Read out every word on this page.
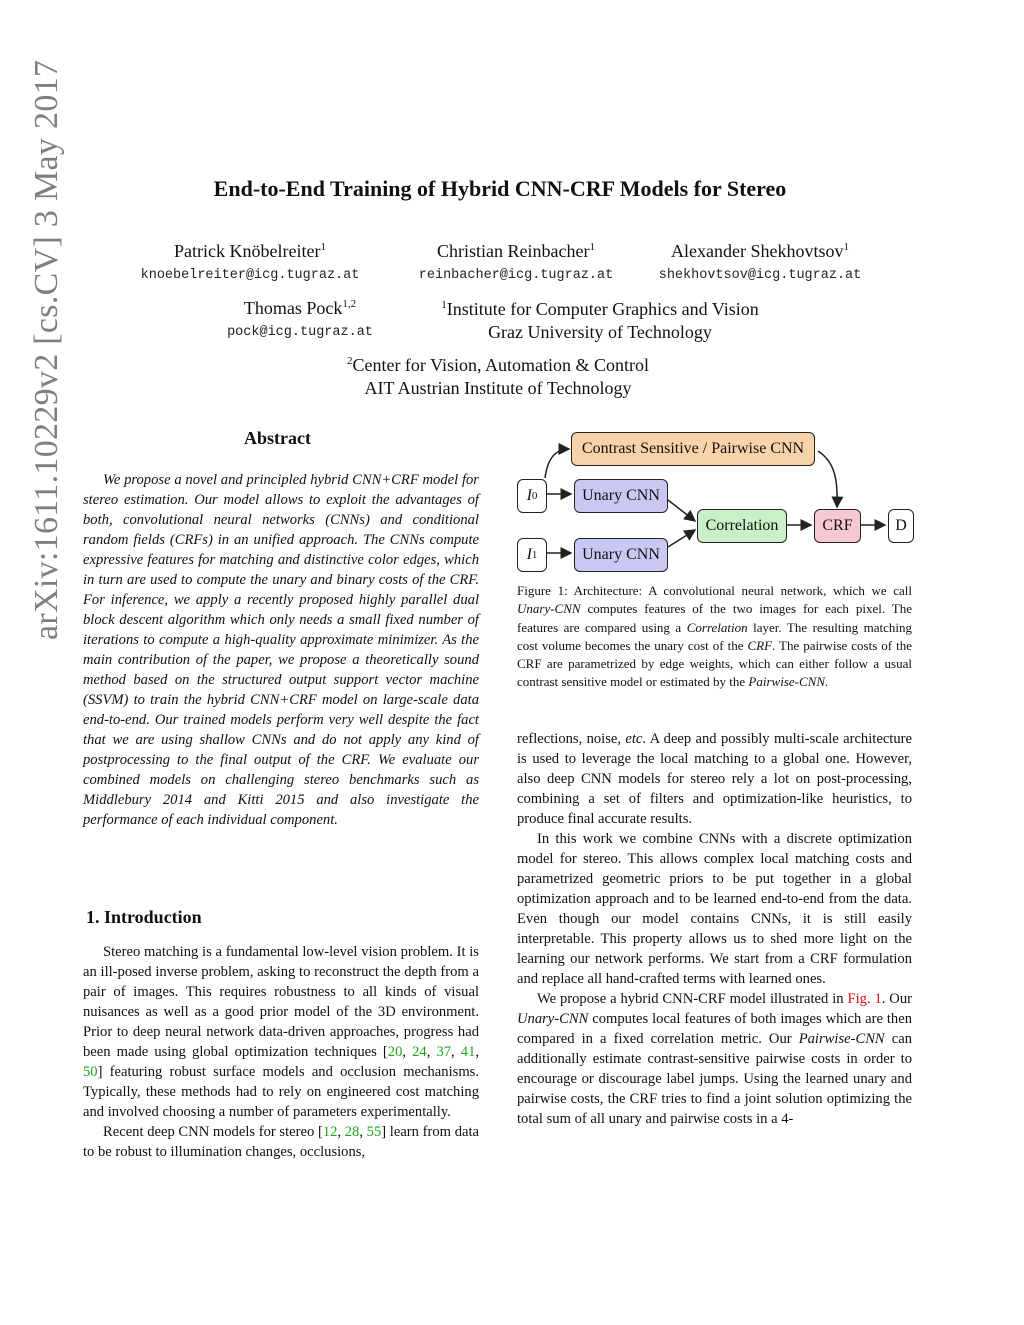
arXiv:1611.10229v2 [cs.CV] 3 May 2017	End-to-End Training of Hybrid CNN-CRF Models for Stereo
Patrick Knöbelreiter$^1$
knoebelreiter@icg.tugraz.at
Christian Reinbacher$^1$
reinbacher@icg.tugraz.at
Alexander Shekhovtsov$^1$
shekhovtsov@icg.tugraz.at
Thomas Pock$^{1,2}$
pock@icg.tugraz.at
$^1$Institute for Computer Graphics and Vision
Graz University of Technology
$^2$Center for Vision, Automation & Control
AIT Austrian Institute of Technology
Abstract

We propose a novel and principled hybrid CNN+CRF model for stereo estimation. Our model allows to exploit the advantages of both, convolutional neural networks (CNNs) and conditional random fields (CRFs) in an unified approach. The CNNs compute expressive features for matching and distinctive color edges, which in turn are used to compute the unary and binary costs of the CRF. For inference, we apply a recently proposed highly parallel dual block descent algorithm which only needs a small fixed number of iterations to compute a high-quality approximate minimizer. As the main contribution of the paper, we propose a theoretically sound method based on the structured output support vector machine (SSVM) to train the hybrid CNN+CRF model on large-scale data end-to-end. Our trained models perform very well despite the fact that we are using shallow CNNs and do not apply any kind of postprocessing to the final output of the CRF. We evaluate our combined models on challenging stereo benchmarks such as Middlebury 2014 and Kitti 2015 and also investigate the performance of each individual component.

1. Introduction

Stereo matching is a fundamental low-level vision problem. It is an ill-posed inverse problem, asking to reconstruct the depth from a pair of images. This requires robustness to all kinds of visual nuisances as well as a good prior model of the 3D environment. Prior to deep neural network data-driven approaches, progress had been made using global optimization techniques [20, 24, 37, 41, 50] featuring robust surface models and occlusion mechanisms. Typically, these methods had to rely on engineered cost matching and involved choosing a number of parameters experimentally.

Recent deep CNN models for stereo [12, 28, 55] learn from data to be robust to illumination changes, occlusions,

Contrast Sensitive / Pairwise CNN
I 0
I 1
Unary CNN
Unary CNN
Correlation	CRF	D
Figure 1: Architecture: A convolutional neural network, which we call Unary-CNN computes features of the two images for each pixel. The features are compared using a Correlation layer. The resulting matching cost volume becomes the unary cost of the CRF. The pairwise costs of the CRF are parametrized by edge weights, which can either follow a usual contrast sensitive model or estimated by the Pairwise-CNN.

reflections, noise, etc. A deep and possibly multi-scale architecture is used to leverage the local matching to a global one. However, also deep CNN models for stereo rely a lot on post-processing, combining a set of filters and optimization-like heuristics, to produce final accurate results.

In this work we combine CNNs with a discrete optimization model for stereo. This allows complex local matching costs and parametrized geometric priors to be put together in a global optimization approach and to be learned end-to-end from the data. Even though our model contains CNNs, it is still easily interpretable. This property allows us to shed more light on the learning our network performs. We start from a CRF formulation and replace all hand-crafted terms with learned ones.

We propose a hybrid CNN-CRF model illustrated in Fig. 1. Our Unary-CNN computes local features of both images which are then compared in a fixed correlation metric. Our Pairwise-CNN can additionally estimate contrast-sensitive pairwise costs in order to encourage or discourage label jumps. Using the learned unary and pairwise costs, the CRF tries to find a joint solution optimizing the total sum of all unary and pairwise costs in a 4-
